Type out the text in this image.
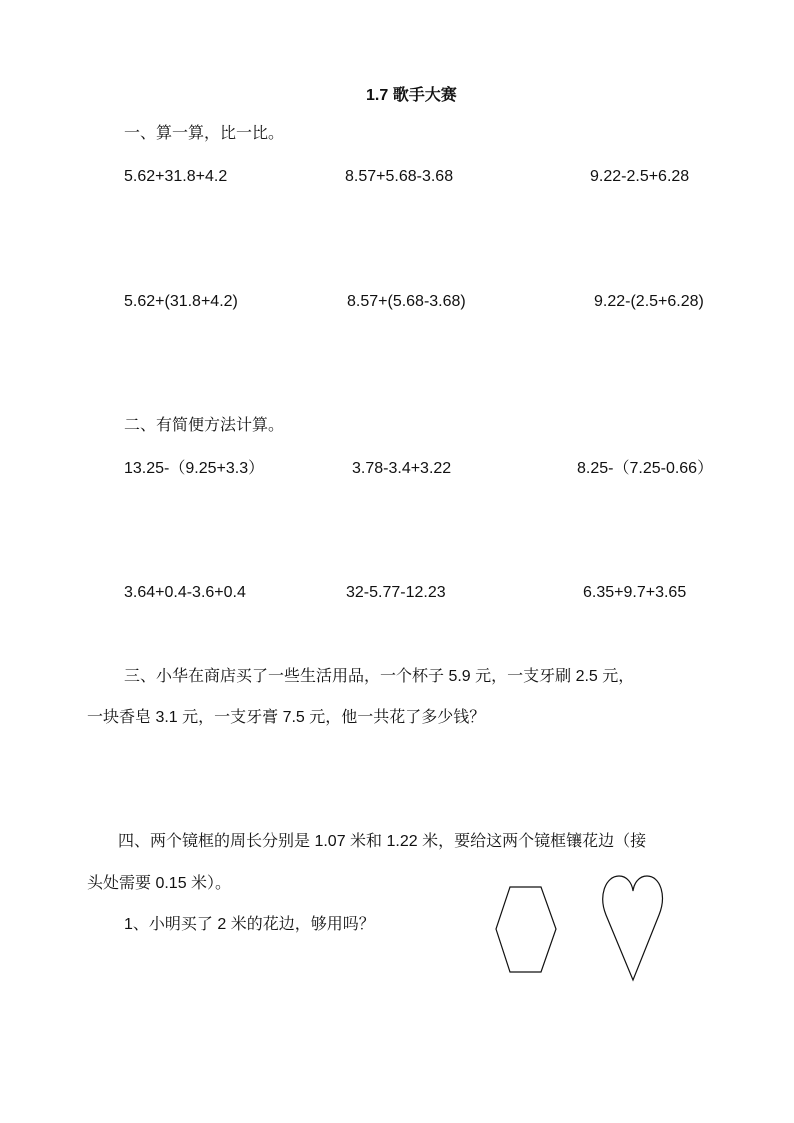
1.7 歌手大赛
一、算一算，比一比。
5.62+31.8+4.2	8.57+5.68-3.68	9.22-2.5+6.28
5.62+(31.8+4.2)	8.57+(5.68-3.68)	9.22-(2.5+6.28)
二、有简便方法计算。
13.25-（9.25+3.3）	3.78-3.4+3.22	8.25-（7.25-0.66）
3.64+0.4-3.6+0.4	32-5.77-12.23	6.35+9.7+3.65
三、小华在商店买了一些生活用品，一个杯子 5.9 元，一支牙刷 2.5 元，
一块香皂 3.1 元，一支牙膏 7.5 元，他一共花了多少钱？
四、两个镜框的周长分别是 1.07 米和 1.22 米，要给这两个镜框镶花边（接
头处需要 0.15 米）。
1、小明买了 2 米的花边，够用吗？
